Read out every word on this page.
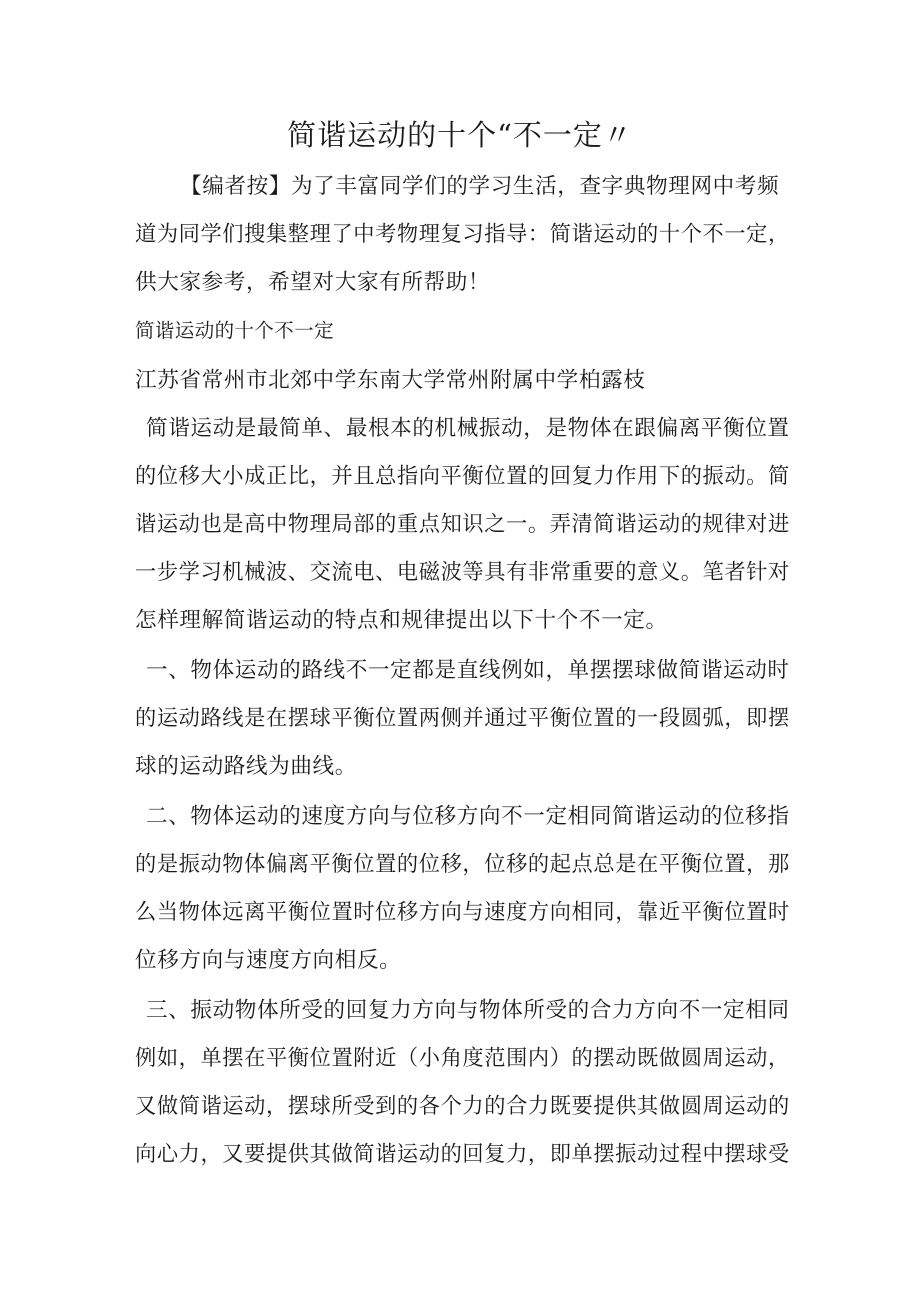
简谐运动的十个“不一定〃
【编者按】为了丰富同学们的学习生活，查字典物理网中考频
道为同学们搜集整理了中考物理复习指导：简谐运动的十个不一定，
供大家参考，希望对大家有所帮助！
简谐运动的十个不一定
江苏省常州市北郊中学东南大学常州附属中学柏露枝
简谐运动是最简单、最根本的机械振动，是物体在跟偏离平衡位置
的位移大小成正比，并且总指向平衡位置的回复力作用下的振动。简
谐运动也是高中物理局部的重点知识之一。弄清简谐运动的规律对进
一步学习机械波、交流电、电磁波等具有非常重要的意义。笔者针对
怎样理解简谐运动的特点和规律提出以下十个不一定。
一、物体运动的路线不一定都是直线例如，单摆摆球做简谐运动时
的运动路线是在摆球平衡位置两侧并通过平衡位置的一段圆弧，即摆
球的运动路线为曲线。
二、物体运动的速度方向与位移方向不一定相同简谐运动的位移指
的是振动物体偏离平衡位置的位移，位移的起点总是在平衡位置，那
么当物体远离平衡位置时位移方向与速度方向相同，靠近平衡位置时
位移方向与速度方向相反。
三、振动物体所受的回复力方向与物体所受的合力方向不一定相同
例如，单摆在平衡位置附近（小角度范围内）的摆动既做圆周运动，
又做简谐运动，摆球所受到的各个力的合力既要提供其做圆周运动的
向心力，又要提供其做简谐运动的回复力，即单摆振动过程中摆球受
